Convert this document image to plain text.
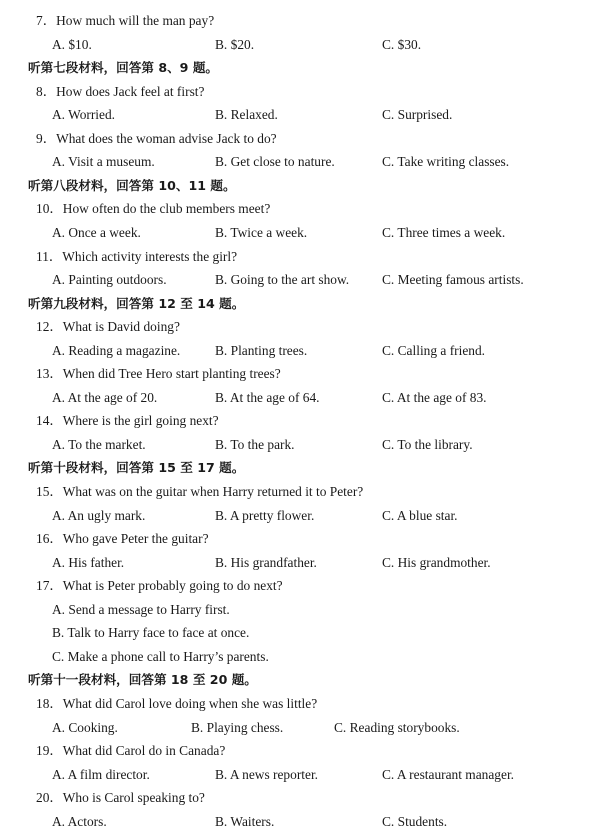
7．How much will the man pay?
A. $10.	B. $20.	C. $30.
听第七段材料，回答第 8、9 题。
8．How does Jack feel at first?
A. Worried.	B. Relaxed.	C. Surprised.
9．What does the woman advise Jack to do?
A. Visit a museum.	B. Get close to nature.	C. Take writing classes.
听第八段材料，回答第 10、11 题。
10．How often do the club members meet?
A. Once a week.	B. Twice a week.	C. Three times a week.
11．Which activity interests the girl?
A. Painting outdoors.	B. Going to the art show. C. Meeting famous artists.
听第九段材料，回答第 12 至 14 题。
12．What is David doing?
A. Reading a magazine.	B. Planting trees.	C. Calling a friend.
13．When did Tree Hero start planting trees?
A. At the age of 20.	B. At the age of 64.	C. At the age of 83.
14．Where is the girl going next?
A. To the market.	B. To the park.	C. To the library.
听第十段材料，回答第 15 至 17 题。
15．What was on the guitar when Harry returned it to Peter?
A. An ugly mark.	B. A pretty flower.	C. A blue star.
16．Who gave Peter the guitar?
A. His father.	B. His grandfather.	C. His grandmother.
17．What is Peter probably going to do next?
A. Send a message to Harry first.
B. Talk to Harry face to face at once.
C. Make a phone call to Harry’s parents.
听第十一段材料，回答第 18 至 20 题。
18．What did Carol love doing when she was little?
A. Cooking.	B. Playing chess.	C. Reading storybooks.
19．What did Carol do in Canada?
A. A film director.	B. A news reporter.	C. A restaurant manager.
20．Who is Carol speaking to?
A. Actors.	B. Waiters.	C. Students.
